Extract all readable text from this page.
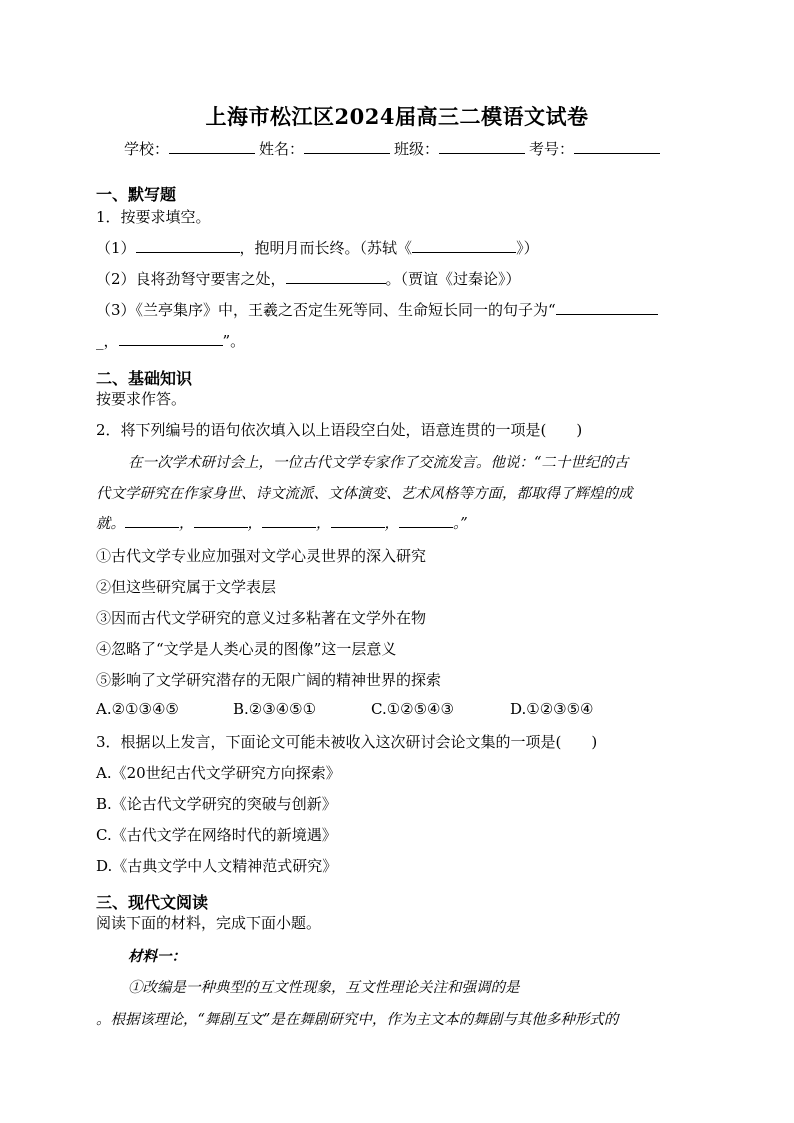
上海市松江区2024届高三二模语文试卷
学校：	姓名：	班级：	考号：
一、默写题
1．按要求填空。
（1）	，抱明月而长终。（苏轼《	》）
（2）良将劲弩守要害之处，	。（贾谊《过秦论》）
（3）《兰亭集序》中，王羲之否定生死等同、生命短长同一的句子为“
_，	”。
二、基础知识
按要求作答。
2．将下列编号的语句依次填入以上语段空白处，语意连贯的一项是(　　)
在一次学术研讨会上，一位古代文学专家作了交流发言。他说：“二十世纪的古
代文学研究在作家身世、诗文流派、文体演变、艺术风格等方面，都取得了辉煌的成
就。	，	，	，	，	。”
①古代文学专业应加强对文学心灵世界的深入研究
②但这些研究属于文学表层
③因而古代文学研究的意义过多粘著在文学外在物
④忽略了“文学是人类心灵的图像”这一层意义
⑤影响了文学研究潜存的无限广阔的精神世界的探索
A.②①③④⑤	B.②③④⑤①	C.①②⑤④③	D.①②③⑤④
3．根据以上发言，下面论文可能未被收入这次研讨会论文集的一项是(　　)
A.《20世纪古代文学研究方向探索》
B.《论古代文学研究的突破与创新》
C.《古代文学在网络时代的新境遇》
D.《古典文学中人文精神范式研究》
三、现代文阅读
阅读下面的材料，完成下面小题。
材料一：
①改编是一种典型的互文性现象，互文性理论关注和强调的是
。根据该理论，“舞剧互文”是在舞剧研究中，作为主文本的舞剧与其他多种形式的
